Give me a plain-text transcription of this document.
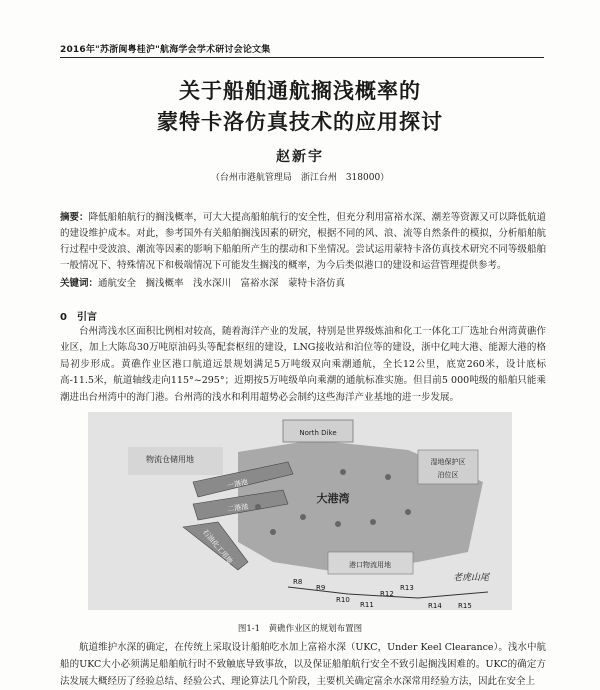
2016年"苏浙闽粤桂沪"航海学会学术研讨会论文集
关于船舶通航搁浅概率的
蒙特卡洛仿真技术的应用探讨
赵新宇
（台州市港航管理局　浙江台州　318000）
摘要：降低船舶航行的搁浅概率，可大大提高船舶航行的安全性，但充分利用富裕水深、潮差等资源又可以降低航道的建设维护成本。对此，参考国外有关船舶搁浅因素的研究，根据不同的风、浪、流等自然条件的模拟，分析船舶航行过程中受波浪、潮流等因素的影响下船舶所产生的摆动和下坐情况。尝试运用蒙特卡洛仿真技术研究不同等级船舶一般情况下、特殊情况下和极端情况下可能发生搁浅的概率，为今后类似港口的建设和运营管理提供参考。
关键词：通航安全　搁浅概率　浅水深川　富裕水深　蒙特卡洛仿真
0　引言
台州湾浅水区面积比例相对较高，随着海洋产业的发展，特别是世界级炼油和化工一体化工厂选址台州湾黄礁作业区，加上大陈岛30万吨原油码头等配套枢纽的建设，LNG接收站和泊位等的建设，浙中亿吨大港、能源大港的格局初步形成。黄礁作业区港口航道远景规划满足5万吨级双向乘潮通航，全长12公里，底宽260米，设计底标高-11.5米，航道轴线走向115°~295°；近期按5万吨级单向乘潮的通航标准实施。但目前5 000吨级的船舶只能乘潮进出台州湾中的海门港。台州湾的浅水和利用超势必会制约这些海洋产业基地的进一步发展。
North Dike
物流仓储用地
一港池
二港池
石油化工用地
大港湾
湿地保护区
泊位区
港口物流用地
R8
R9
R10
R11
R12
R13
R14 R15
老虎山尾
图1-1　黄礁作业区的规划布置图
航道维护水深的确定，在传统上采取设计船舶吃水加上富裕水深（UKC，Under Keel Clearance）。浅水中航船的UKC大小必须满足船舶航行时不致触底导致事故，以及保证船舶航行安全不致引起搁浅困难的。UKC的确定方法发展大概经历了经验总结、经验公式、理论算法几个阶段，主要机关确定富余水深常用经验方法，因此在安全上
